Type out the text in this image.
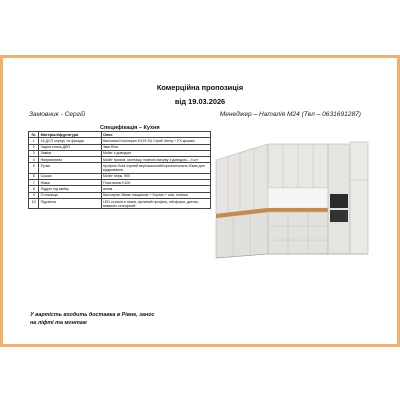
Комерційна пропозиція
від 19.03.2026
Замовник - Сергій	Менеджер – Наталія M24 (Тел – 0631691287)
Специфікація – Кухня
№	Матеріал/фурнітура	Опис
1	16 ДСП корпус та фасади	Кастомяк Kronospan K319 SU Сірий Чиліц + FX-кромка
2	Задня стінка ДВП	3мм біла
3	Завіси	Muller з доводом
4	Напрявляючі	Muller прихов. монтажу, повного висуву з доводом – 4 шт
5	Ручки	профіль Gola чорний вертикальний/горизонтальна 20мм для відкривання
6	Сушка	Muller нерж. 900
7	Ніжки	Пластикові h100
8	Піддон під мийку	алюм.
9	Стільниця	Кастопран 38мм товщиною + бортик + сінк, планка
10	Підсвітка	LED-стрічка в ніших, врізаний профіль, ейлформ, датчик, вимикач сенсорний
У вартість входить доставка в Рівне, занос
на ліфті та монтаж
